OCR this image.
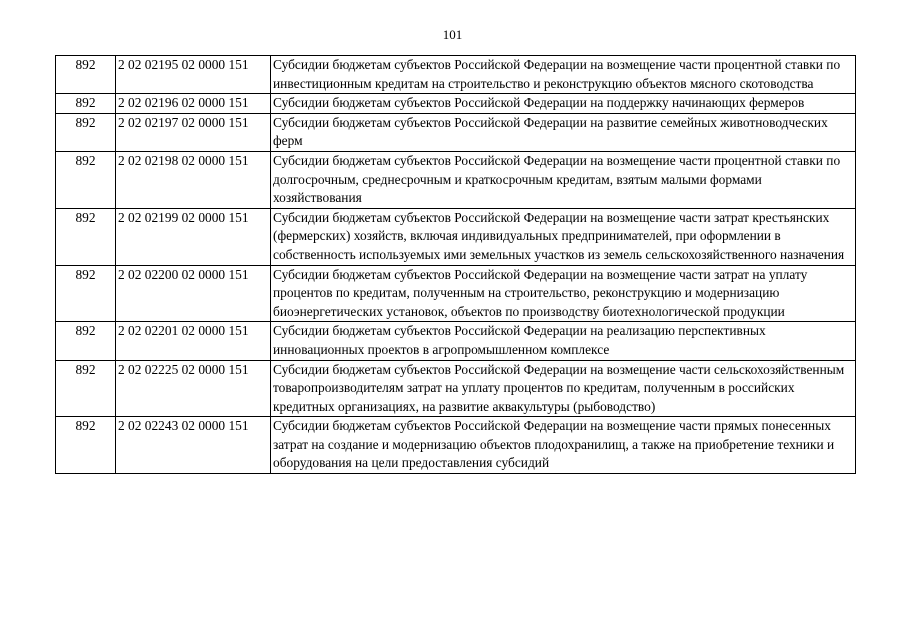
101
892	2 02 02195 02 0000 151	Субсидии бюджетам субъектов Российской Федерации на возмещение части процентной ставки по инвестиционным кредитам на строительство и реконструкцию объектов мясного скотоводства
892	2 02 02196 02 0000 151	Субсидии бюджетам субъектов Российской Федерации на поддержку начинающих фермеров
892	2 02 02197 02 0000 151	Субсидии бюджетам субъектов Российской Федерации на развитие семейных животноводческих ферм
892	2 02 02198 02 0000 151	Субсидии бюджетам субъектов Российской Федерации на возмещение части процентной ставки по долгосрочным, среднесрочным и краткосрочным кредитам, взятым малыми формами хозяйствования
892	2 02 02199 02 0000 151	Субсидии бюджетам субъектов Российской Федерации на возмещение части затрат крестьянских (фермерских) хозяйств, включая индивидуальных предпринимателей, при оформлении в собственность используемых ими земельных участков из земель сельскохозяйственного назначения
892	2 02 02200 02 0000 151	Субсидии бюджетам субъектов Российской Федерации на возмещение части затрат на уплату процентов по кредитам, полученным на строительство, реконструкцию и модернизацию биоэнергетических установок, объектов по производству биотехнологической продукции
892	2 02 02201 02 0000 151	Субсидии бюджетам субъектов Российской Федерации на реализацию перспективных инновационных проектов в агропромышленном комплексе
892	2 02 02225 02 0000 151	Субсидии бюджетам субъектов Российской Федерации на возмещение части сельскохозяйственным товаропроизводителям затрат на уплату процентов по кредитам, полученным в российских кредитных организациях, на развитие аквакультуры (рыбоводство)
892	2 02 02243 02 0000 151	Субсидии бюджетам субъектов Российской Федерации на возмещение части прямых понесенных затрат на создание и модернизацию объектов плодохранилищ, а также на приобретение техники и оборудования на цели предоставления субсидий
